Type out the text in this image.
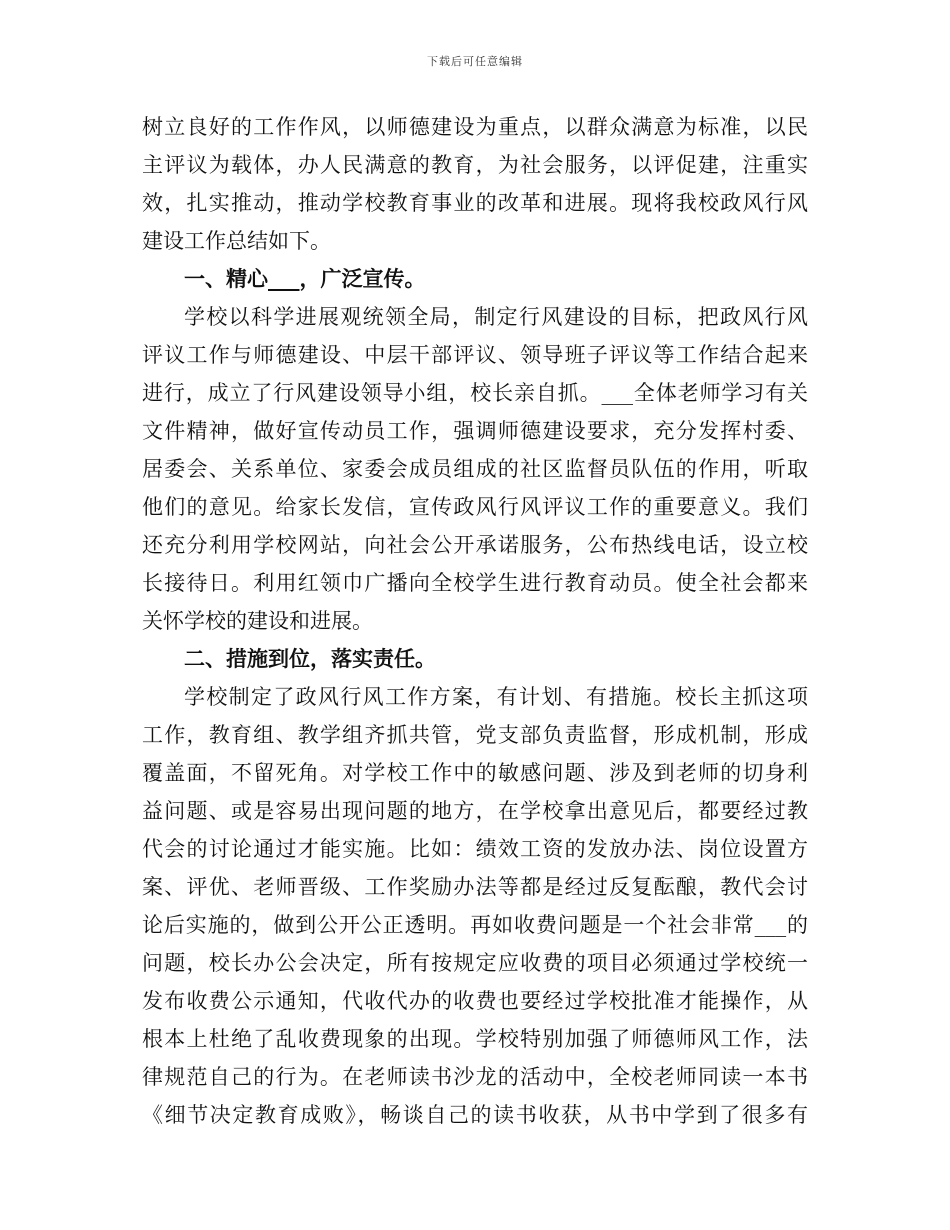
下载后可任意编辑
树立良好的工作作风，以师德建设为重点，以群众满意为标准，以民
主评议为载体，办人民满意的教育，为社会服务，以评促建，注重实
效，扎实推动，推动学校教育事业的改革和进展。现将我校政风行风
建设工作总结如下。
一、精心___，广泛宣传。
学校以科学进展观统领全局，制定行风建设的目标，把政风行风
评议工作与师德建设、中层干部评议、领导班子评议等工作结合起来
进行，成立了行风建设领导小组，校长亲自抓。___全体老师学习有关
文件精神，做好宣传动员工作，强调师德建设要求，充分发挥村委、
居委会、关系单位、家委会成员组成的社区监督员队伍的作用，听取
他们的意见。给家长发信，宣传政风行风评议工作的重要意义。我们
还充分利用学校网站，向社会公开承诺服务，公布热线电话，设立校
长接待日。利用红领巾广播向全校学生进行教育动员。使全社会都来
关怀学校的建设和进展。
二、措施到位，落实责任。
学校制定了政风行风工作方案，有计划、有措施。校长主抓这项
工作，教育组、教学组齐抓共管，党支部负责监督，形成机制，形成
覆盖面，不留死角。对学校工作中的敏感问题、涉及到老师的切身利
益问题、或是容易出现问题的地方，在学校拿出意见后，都要经过教
代会的讨论通过才能实施。比如：绩效工资的发放办法、岗位设置方
案、评优、老师晋级、工作奖励办法等都是经过反复酝酿，教代会讨
论后实施的，做到公开公正透明。再如收费问题是一个社会非常___的
问题，校长办公会决定，所有按规定应收费的项目必须通过学校统一
发布收费公示通知，代收代办的收费也要经过学校批准才能操作，从
根本上杜绝了乱收费现象的出现。学校特别加强了师德师风工作，法
律规范自己的行为。在老师读书沙龙的活动中，全校老师同读一本书
《细节决定教育成败》，畅谈自己的读书收获，从书中学到了很多有
